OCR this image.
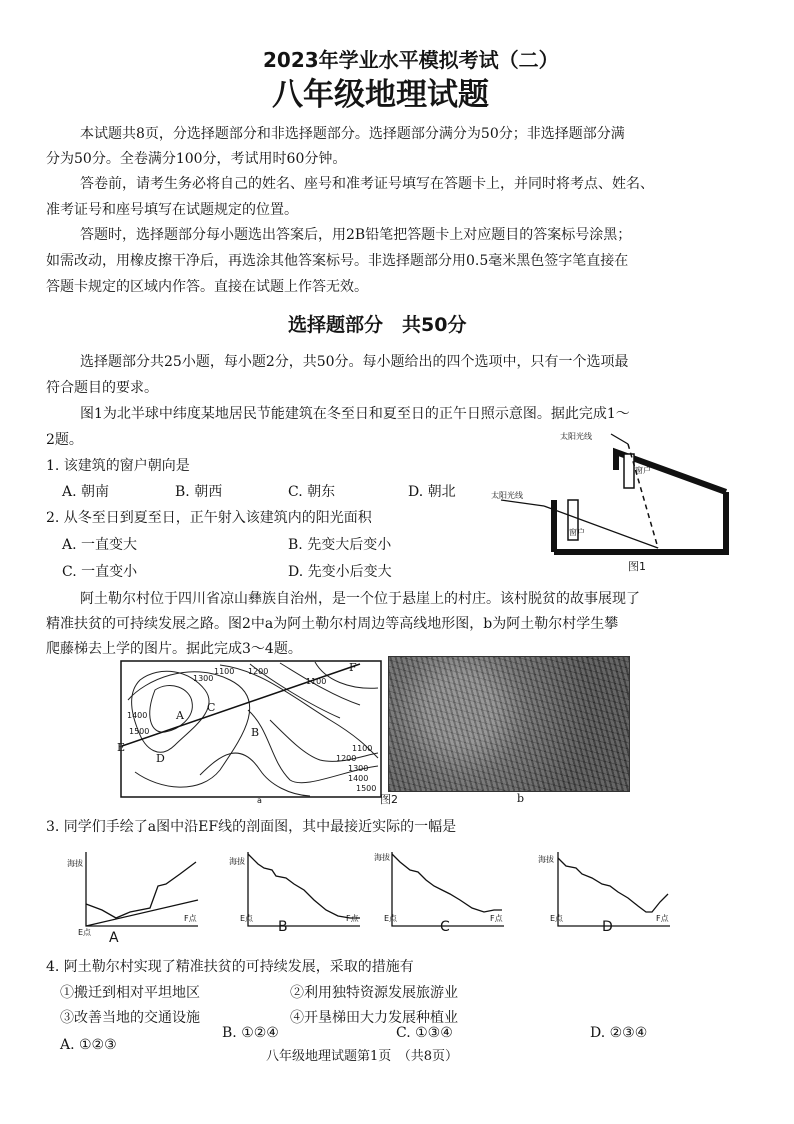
2023年学业水平模拟考试（二）
八年级地理试题
本试题共8页，分选择题部分和非选择题部分。选择题部分满分为50分；非选择题部分满
分为50分。全卷满分100分，考试用时60分钟。
答卷前，请考生务必将自己的姓名、座号和准考证号填写在答题卡上，并同时将考点、姓名、
准考证号和座号填写在试题规定的位置。
答题时，选择题部分每小题选出答案后，用2B铅笔把答题卡上对应题目的答案标号涂黑；
如需改动，用橡皮擦干净后，再选涂其他答案标号。非选择题部分用0.5毫米黑色签字笔直接在
答题卡规定的区域内作答。直接在试题上作答无效。
选择题部分　共50分
选择题部分共25小题，每小题2分，共50分。每小题给出的四个选项中，只有一个选项最
符合题目的要求。
图1为北半球中纬度某地居民节能建筑在冬至日和夏至日的正午日照示意图。据此完成1～
2题。
1. 该建筑的窗户朝向是
A. 朝南	B. 朝西	C. 朝东	D. 朝北
2. 从冬至日到夏至日，正午射入该建筑内的阳光面积
A. 一直变大	B. 先变大后变小
C. 一直变小	D. 先变小后变大
太阳光线
太阳光线
窗户
窗户
图1
阿土勒尔村位于四川省凉山彝族自治州，是一个位于悬崖上的村庄。该村脱贫的故事展现了
精准扶贫的可持续发展之路。图2中a为阿土勒尔村周边等高线地形图，b为阿土勒尔村学生攀
爬藤梯去上学的图片。据此完成3～4题。
A
B
C
D
E
F
1100
1100
1200
1300
1400
1500
1100
1200
1300
1400
1500
a	b
图2
3. 同学们手绘了a图中沿EF线的剖面图，其中最接近实际的一幅是
海拔	海拔	海拔	海拔
E点
F点	E点	F点	E点	F点	E点	F点
A
B	C	D
4. 阿土勒尔村实现了精准扶贫的可持续发展，采取的措施有
①搬迁到相对平坦地区	②利用独特资源发展旅游业
③改善当地的交通设施	④开垦梯田大力发展种植业
A. ①②③
B. ①②④	C. ①③④	D. ②③④
八年级地理试题第1页　（共8页）
